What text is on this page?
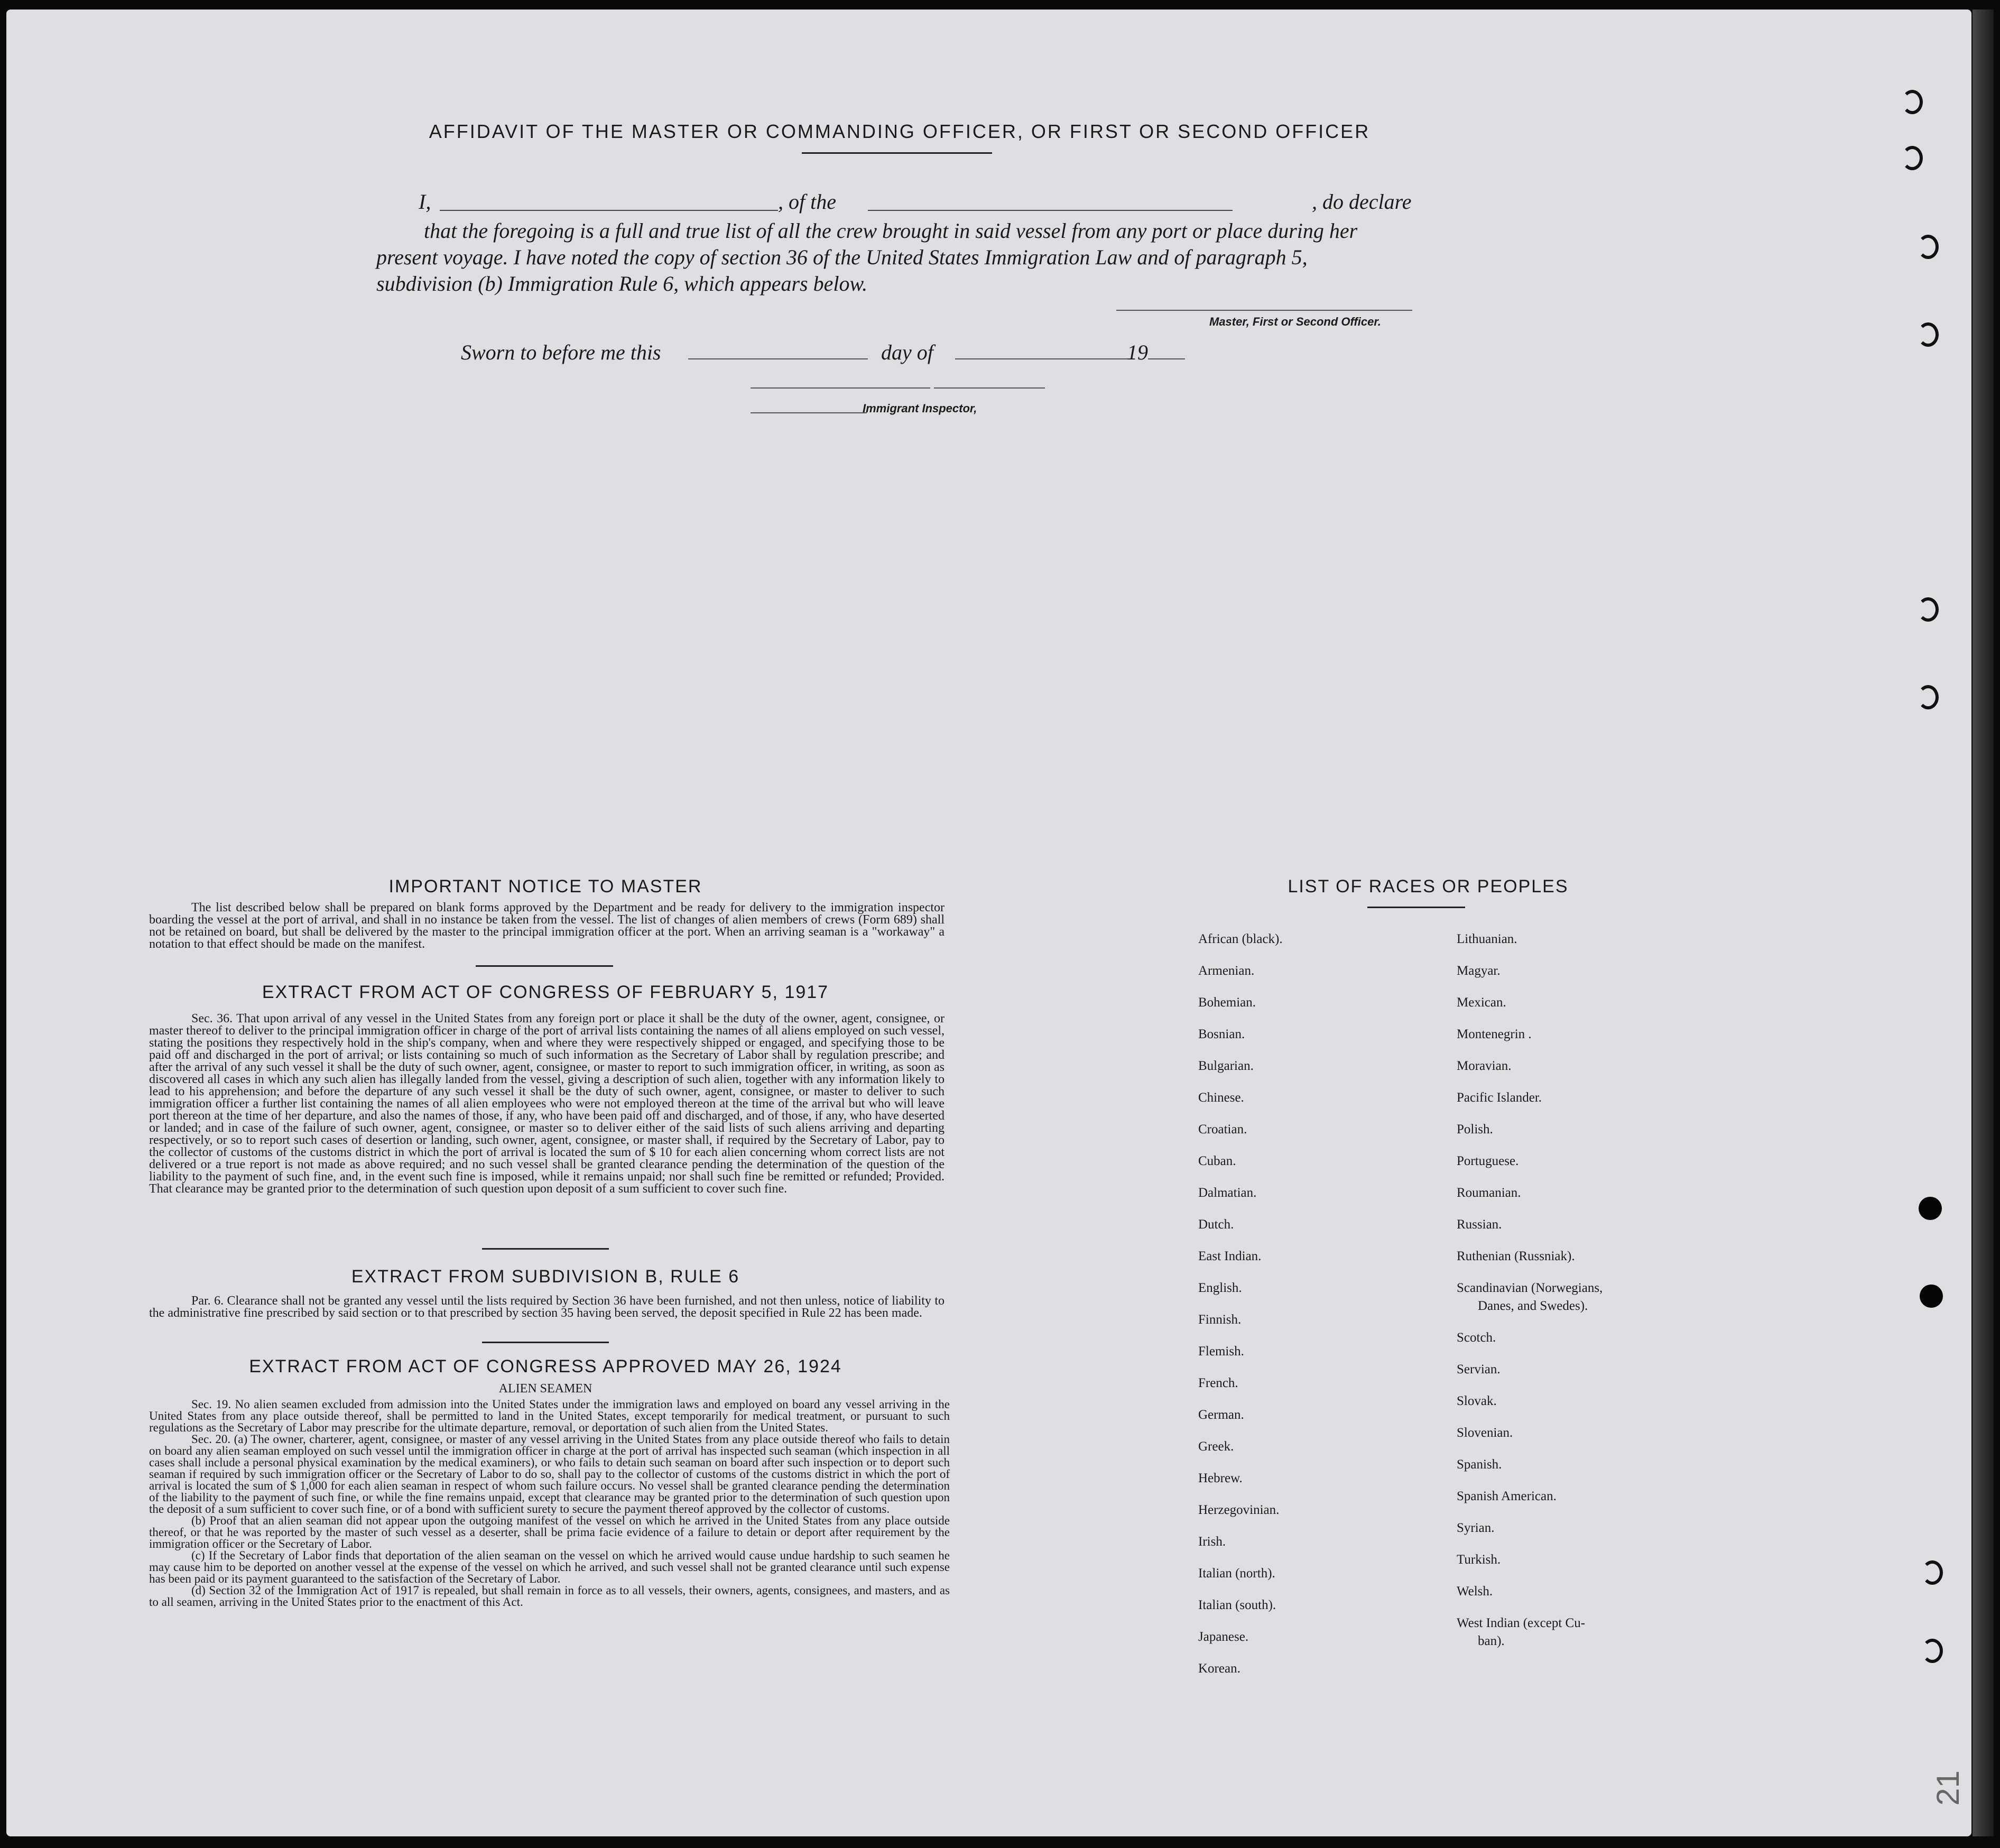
AFFIDAVIT OF THE MASTER OR COMMANDING OFFICER, OR FIRST OR SECOND OFFICER
I,	, of the	, do declare
that the foregoing is a full and true list of all the crew brought in said vessel from any port or place during her
present voyage. I have noted the copy of section 36 of the United States Immigration Law and of paragraph 5,
subdivision (b) Immigration Rule 6, which appears below.
Master, First or Second Officer.
Sworn to before me this	day of	19
Immigrant Inspector,
IMPORTANT NOTICE TO MASTER

The list described below shall be prepared on blank forms approved by the Department and be ready for delivery to the immigration inspector boarding the vessel at the port of arrival, and shall in no instance be taken from the vessel. The list of changes of alien members of crews (Form 689) shall not be retained on board, but shall be delivered by the master to the principal immigration officer at the port. When an arriving seaman is a "workaway" a notation to that effect should be made on the manifest.

EXTRACT FROM ACT OF CONGRESS OF FEBRUARY 5, 1917

Sec. 36. That upon arrival of any vessel in the United States from any foreign port or place it shall be the duty of the owner, agent, consignee, or master thereof to deliver to the principal immigration officer in charge of the port of arrival lists containing the names of all aliens employed on such vessel, stating the positions they respectively hold in the ship's company, when and where they were respectively shipped or engaged, and specifying those to be paid off and discharged in the port of arrival; or lists containing so much of such information as the Secretary of Labor shall by regulation prescribe; and after the arrival of any such vessel it shall be the duty of such owner, agent, consignee, or master to report to such immigration officer, in writing, as soon as discovered all cases in which any such alien has illegally landed from the vessel, giving a description of such alien, together with any information likely to lead to his apprehension; and before the departure of any such vessel it shall be the duty of such owner, agent, consignee, or master to deliver to such immigration officer a further list containing the names of all alien employees who were not employed thereon at the time of the arrival but who will leave port thereon at the time of her departure, and also the names of those, if any, who have been paid off and discharged, and of those, if any, who have deserted or landed; and in case of the failure of such owner, agent, consignee, or master so to deliver either of the said lists of such aliens arriving and departing respectively, or so to report such cases of desertion or landing, such owner, agent, consignee, or master shall, if required by the Secretary of Labor, pay to the collector of customs of the customs district in which the port of arrival is located the sum of $ 10 for each alien concerning whom correct lists are not delivered or a true report is not made as above required; and no such vessel shall be granted clearance pending the determination of the question of the liability to the payment of such fine, and, in the event such fine is imposed, while it remains unpaid; nor shall such fine be remitted or refunded; Provided. That clearance may be granted prior to the determination of such question upon deposit of a sum sufficient to cover such fine.

EXTRACT FROM SUBDIVISION B, RULE 6

Par. 6. Clearance shall not be granted any vessel until the lists required by Section 36 have been furnished, and not then unless, notice of liability to the administrative fine prescribed by said section or to that prescribed by section 35 having been served, the deposit specified in Rule 22 has been made.

EXTRACT FROM ACT OF CONGRESS APPROVED MAY 26, 1924
ALIEN SEAMEN

Sec. 19. No alien seamen excluded from admission into the United States under the immigration laws and employed on board any vessel arriving in the United States from any place outside thereof, shall be permitted to land in the United States, except temporarily for medical treatment, or pursuant to such regulations as the Secretary of Labor may prescribe for the ultimate departure, removal, or deportation of such alien from the United States.

Sec. 20. (a) The owner, charterer, agent, consignee, or master of any vessel arriving in the United States from any place outside thereof who fails to detain on board any alien seaman employed on such vessel until the immigration officer in charge at the port of arrival has inspected such seaman (which inspection in all cases shall include a personal physical examination by the medical examiners), or who fails to detain such seaman on board after such inspection or to deport such seaman if required by such immigration officer or the Secretary of Labor to do so, shall pay to the collector of customs of the customs district in which the port of arrival is located the sum of $ 1,000 for each alien seaman in respect of whom such failure occurs. No vessel shall be granted clearance pending the determination of the liability to the payment of such fine, or while the fine remains unpaid, except that clearance may be granted prior to the determination of such question upon the deposit of a sum sufficient to cover such fine, or of a bond with sufficient surety to secure the payment thereof approved by the collector of customs.

(b) Proof that an alien seaman did not appear upon the outgoing manifest of the vessel on which he arrived in the United States from any place outside thereof, or that he was reported by the master of such vessel as a deserter, shall be prima facie evidence of a failure to detain or deport after requirement by the immigration officer or the Secretary of Labor.

(c) If the Secretary of Labor finds that deportation of the alien seaman on the vessel on which he arrived would cause undue hardship to such seamen he may cause him to be deported on another vessel at the expense of the vessel on which he arrived, and such vessel shall not be granted clearance until such expense has been paid or its payment guaranteed to the satisfaction of the Secretary of Labor.

(d) Section 32 of the Immigration Act of 1917 is repealed, but shall remain in force as to all vessels, their owners, agents, consignees, and masters, and as to all seamen, arriving in the United States prior to the enactment of this Act.

LIST OF RACES OR PEOPLES
African (black).
Armenian.
Bohemian.
Bosnian.
Bulgarian.
Chinese.
Croatian.
Cuban.
Dalmatian.
Dutch.
East Indian.
English.
Finnish.
Flemish.
French.
German.
Greek.
Hebrew.
Herzegovinian.
Irish.
Italian (north).
Italian (south).
Japanese.
Korean.
Lithuanian.
Magyar.
Mexican.
Montenegrin .
Moravian.
Pacific Islander.
Polish.
Portuguese.
Roumanian.
Russian.
Ruthenian (Russniak).
Scandinavian (Norwegians,
Danes, and Swedes).
Scotch.
Servian.
Slovak.
Slovenian.
Spanish.
Spanish American.
Syrian.
Turkish.
Welsh.
West Indian (except Cu-
ban).
21
